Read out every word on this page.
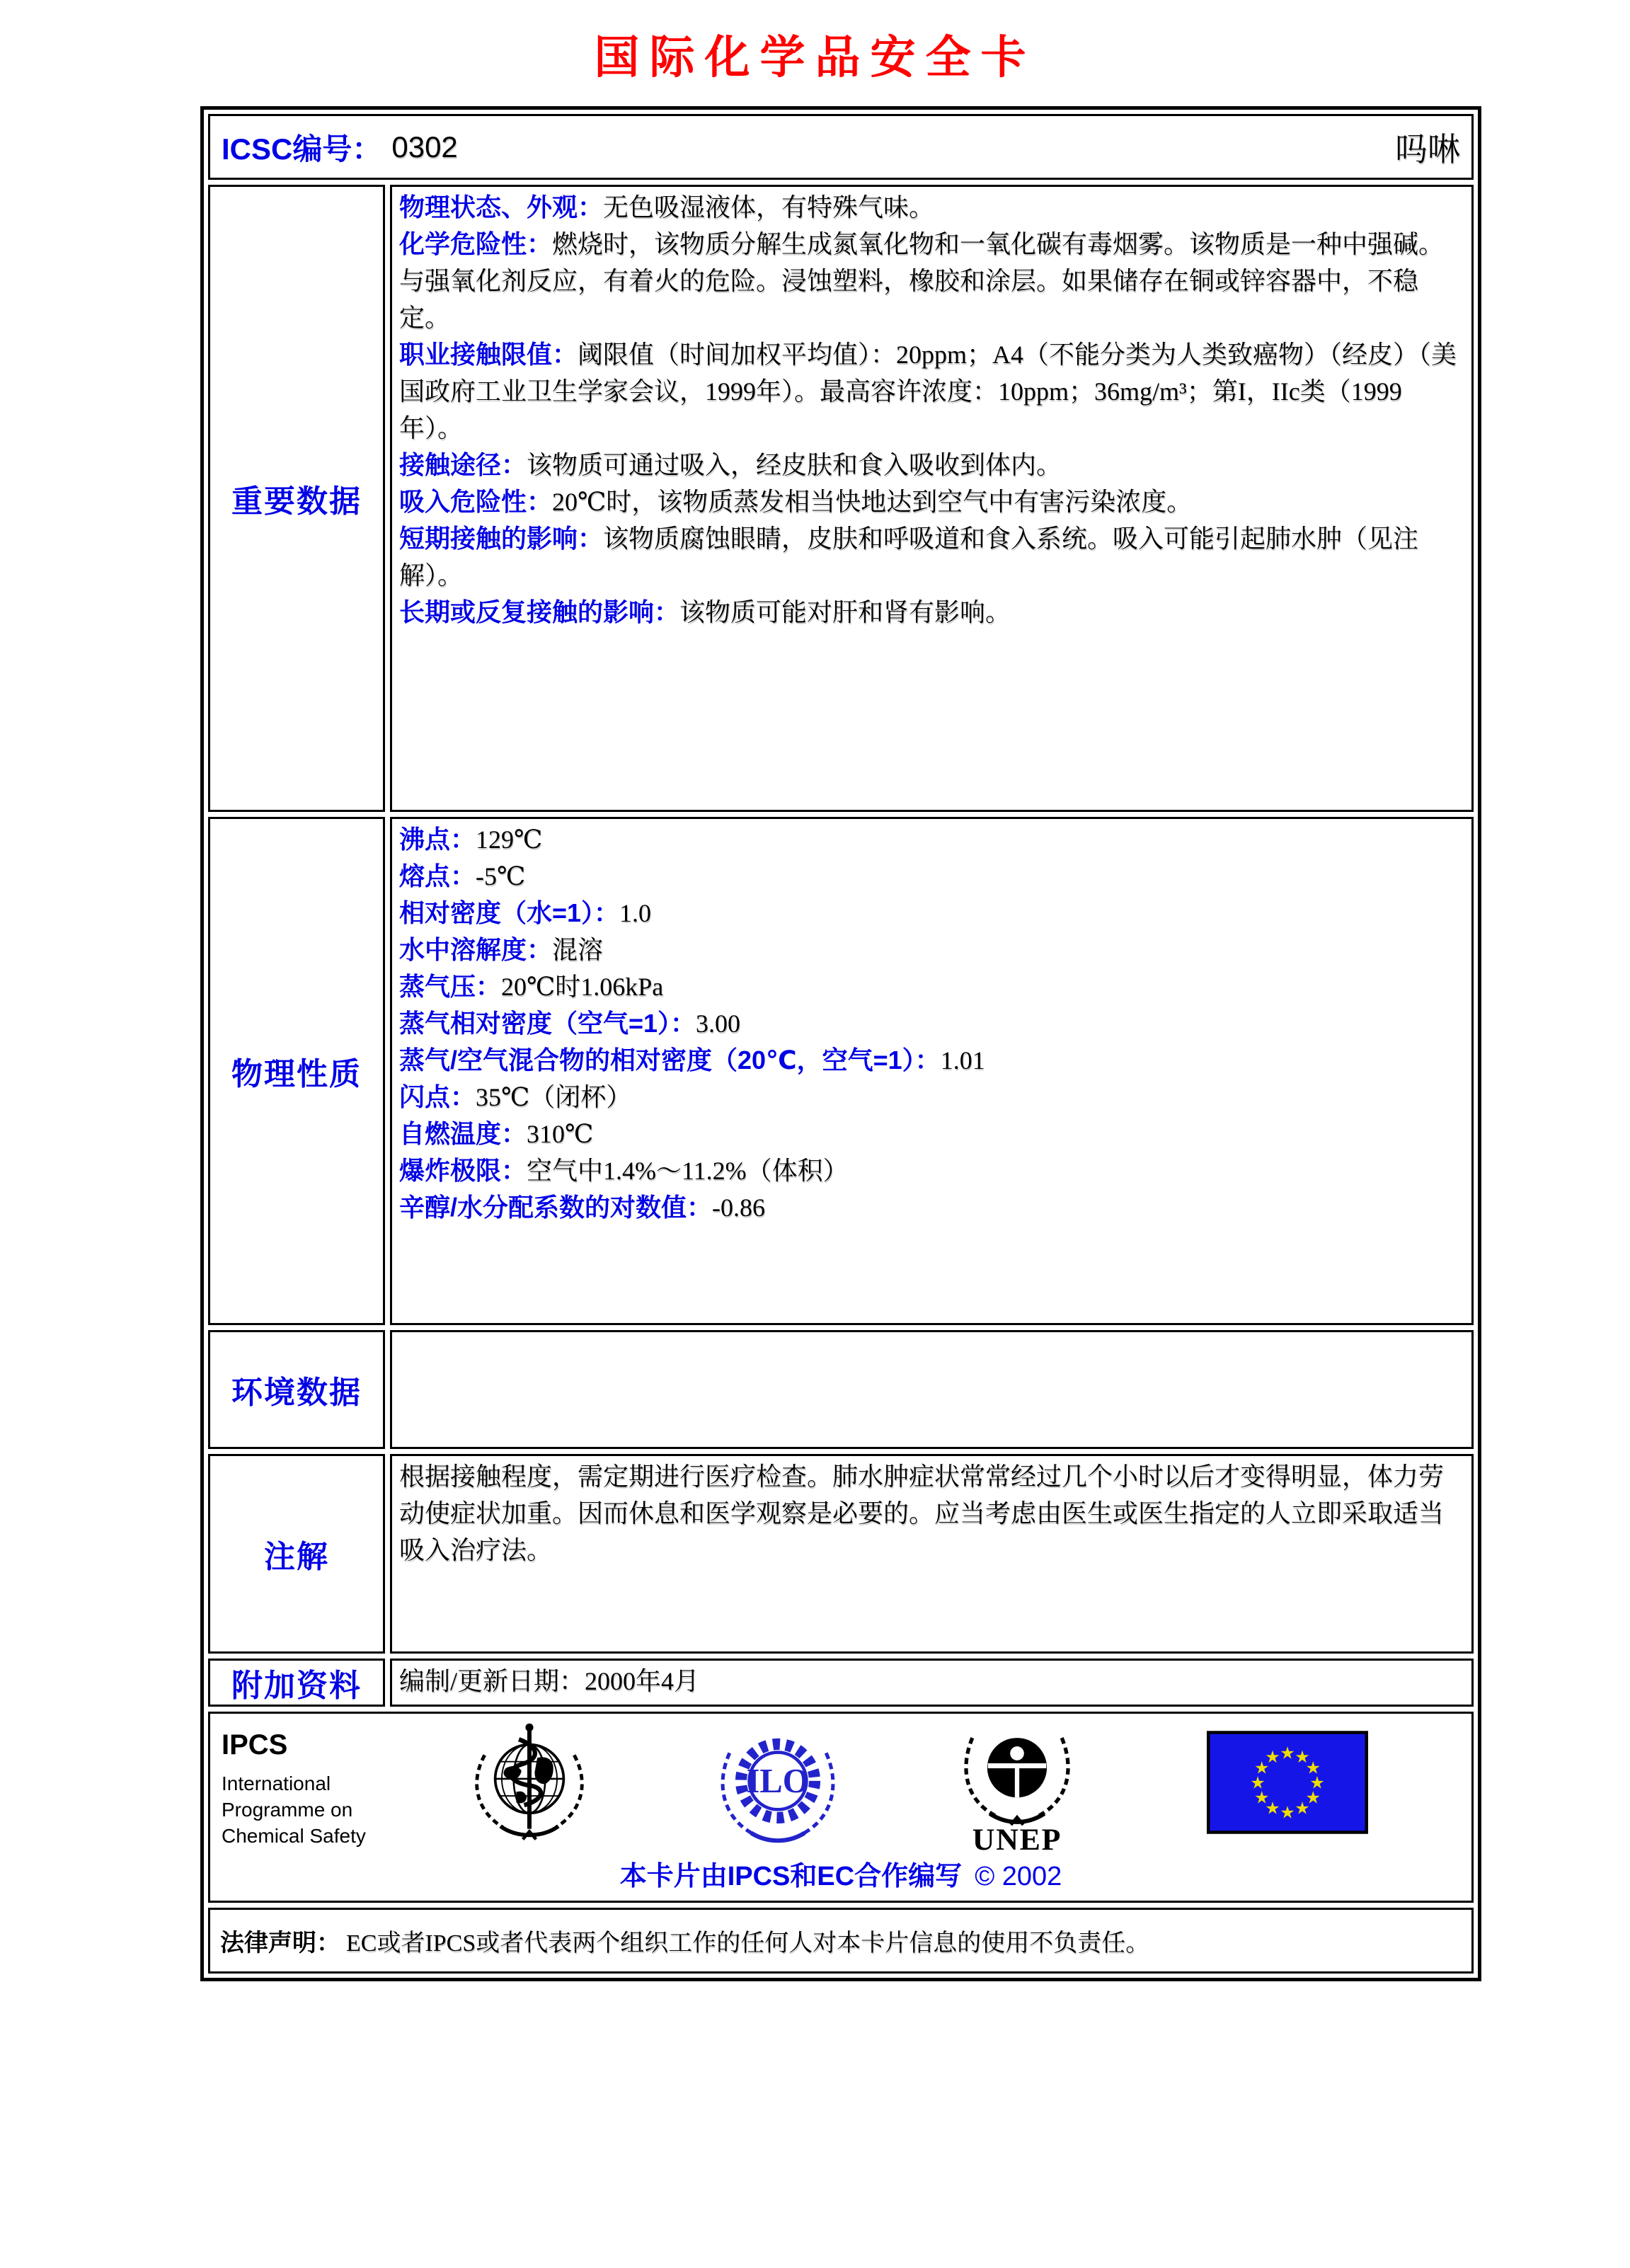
国际化学品安全卡
ICSC编号： 0302	吗啉
重要数据
物理状态、外观：无色吸湿液体，有特殊气味。
化学危险性：燃烧时，该物质分解生成氮氧化物和一氧化碳有毒烟雾。该物质是一种中强碱。与强氧化剂反应，有着火的危险。浸蚀塑料，橡胶和涂层。如果储存在铜或锌容器中，不稳定。
职业接触限值：阈限值（时间加权平均值）：20ppm；A4（不能分类为人类致癌物）（经皮）（美国政府工业卫生学家会议，1999年）。最高容许浓度：10ppm；36mg/m³；第I，IIc类（1999年）。
接触途径：该物质可通过吸入，经皮肤和食入吸收到体内。
吸入危险性：20℃时，该物质蒸发相当快地达到空气中有害污染浓度。
短期接触的影响：该物质腐蚀眼睛，皮肤和呼吸道和食入系统。吸入可能引起肺水肿（见注解）。
长期或反复接触的影响：该物质可能对肝和肾有影响。
物理性质
沸点：129℃
熔点：-5℃
相对密度（水=1）：1.0
水中溶解度：混溶
蒸气压：20℃时1.06kPa
蒸气相对密度（空气=1）：3.00
蒸气/空气混合物的相对密度（20℃，空气=1）：1.01
闪点：35℃（闭杯）
自燃温度：310℃
爆炸极限：空气中1.4%～11.2%（体积）
辛醇/水分配系数的对数值：-0.86
环境数据
注解
根据接触程度，需定期进行医疗检查。肺水肿症状常常经过几个小时以后才变得明显，体力劳动使症状加重。因而休息和医学观察是必要的。应当考虑由医生或医生指定的人立即采取适当吸入治疗法。
附加资料	编制/更新日期：2000年4月
IPCS
International
Programme on
Chemical Safety
ILO
UNEP
★ ★
★
★
★
★
★
★
★
★
★
★
本卡片由IPCS和EC合作编写 © 2002
法律声明： EC或者IPCS或者代表两个组织工作的任何人对本卡片信息的使用不负责任。
